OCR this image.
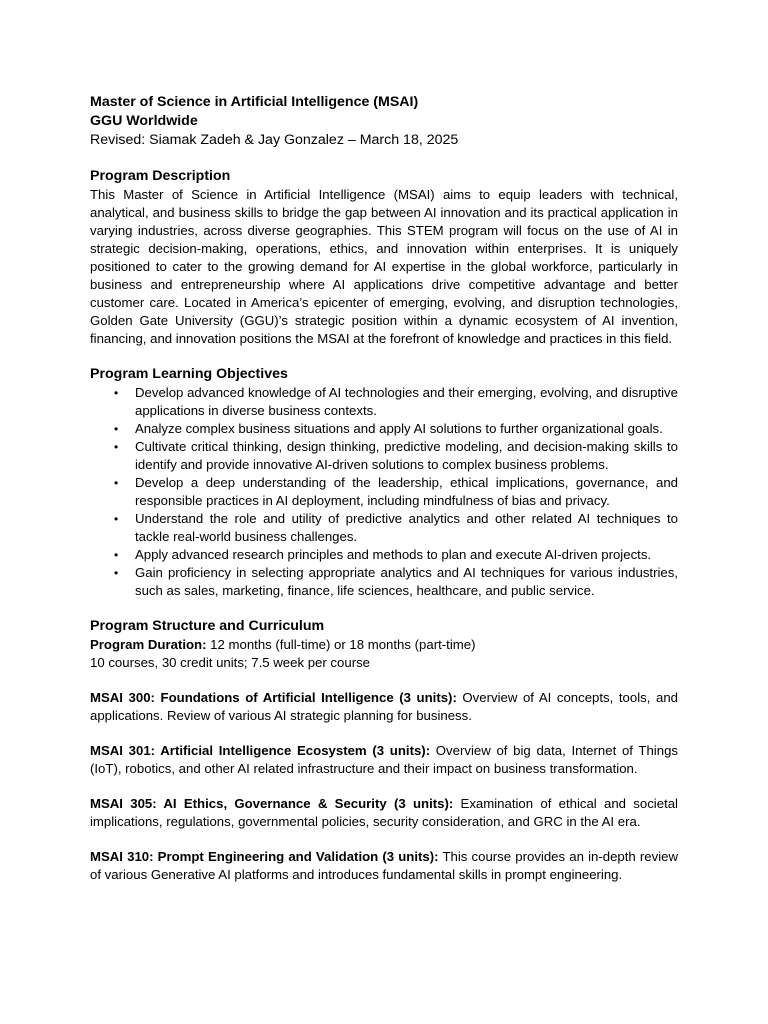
Master of Science in Artificial Intelligence (MSAI)

GGU Worldwide

Revised: Siamak Zadeh & Jay Gonzalez – March 18, 2025

Program Description

This Master of Science in Artificial Intelligence (MSAI) aims to equip leaders with technical, analytical, and business skills to bridge the gap between AI innovation and its practical application in varying industries, across diverse geographies. This STEM program will focus on the use of AI in strategic decision-making, operations, ethics, and innovation within enterprises. It is uniquely positioned to cater to the growing demand for AI expertise in the global workforce, particularly in business and entrepreneurship where AI applications drive competitive advantage and better customer care. Located in America’s epicenter of emerging, evolving, and disruption technologies, Golden Gate University (GGU)’s strategic position within a dynamic ecosystem of AI invention, financing, and innovation positions the MSAI at the forefront of knowledge and practices in this field.

Program Learning Objectives

• Develop advanced knowledge of AI technologies and their emerging, evolving, and disruptive applications in diverse business contexts.
• Analyze complex business situations and apply AI solutions to further organizational goals.
• Cultivate critical thinking, design thinking, predictive modeling, and decision-making skills to identify and provide innovative AI-driven solutions to complex business problems.
• Develop a deep understanding of the leadership, ethical implications, governance, and responsible practices in AI deployment, including mindfulness of bias and privacy.
• Understand the role and utility of predictive analytics and other related AI techniques to tackle real-world business challenges.
• Apply advanced research principles and methods to plan and execute AI-driven projects.
• Gain proficiency in selecting appropriate analytics and AI techniques for various industries, such as sales, marketing, finance, life sciences, healthcare, and public service.

Program Structure and Curriculum

Program Duration: 12 months (full-time) or 18 months (part-time)

10 courses, 30 credit units; 7.5 week per course

MSAI 300: Foundations of Artificial Intelligence (3 units): Overview of AI concepts, tools, and applications. Review of various AI strategic planning for business.

MSAI 301: Artificial Intelligence Ecosystem (3 units): Overview of big data, Internet of Things (IoT), robotics, and other AI related infrastructure and their impact on business transformation.

MSAI 305: AI Ethics, Governance & Security (3 units): Examination of ethical and societal implications, regulations, governmental policies, security consideration, and GRC in the AI era.

MSAI 310: Prompt Engineering and Validation (3 units): This course provides an in-depth review of various Generative AI platforms and introduces fundamental skills in prompt engineering.
